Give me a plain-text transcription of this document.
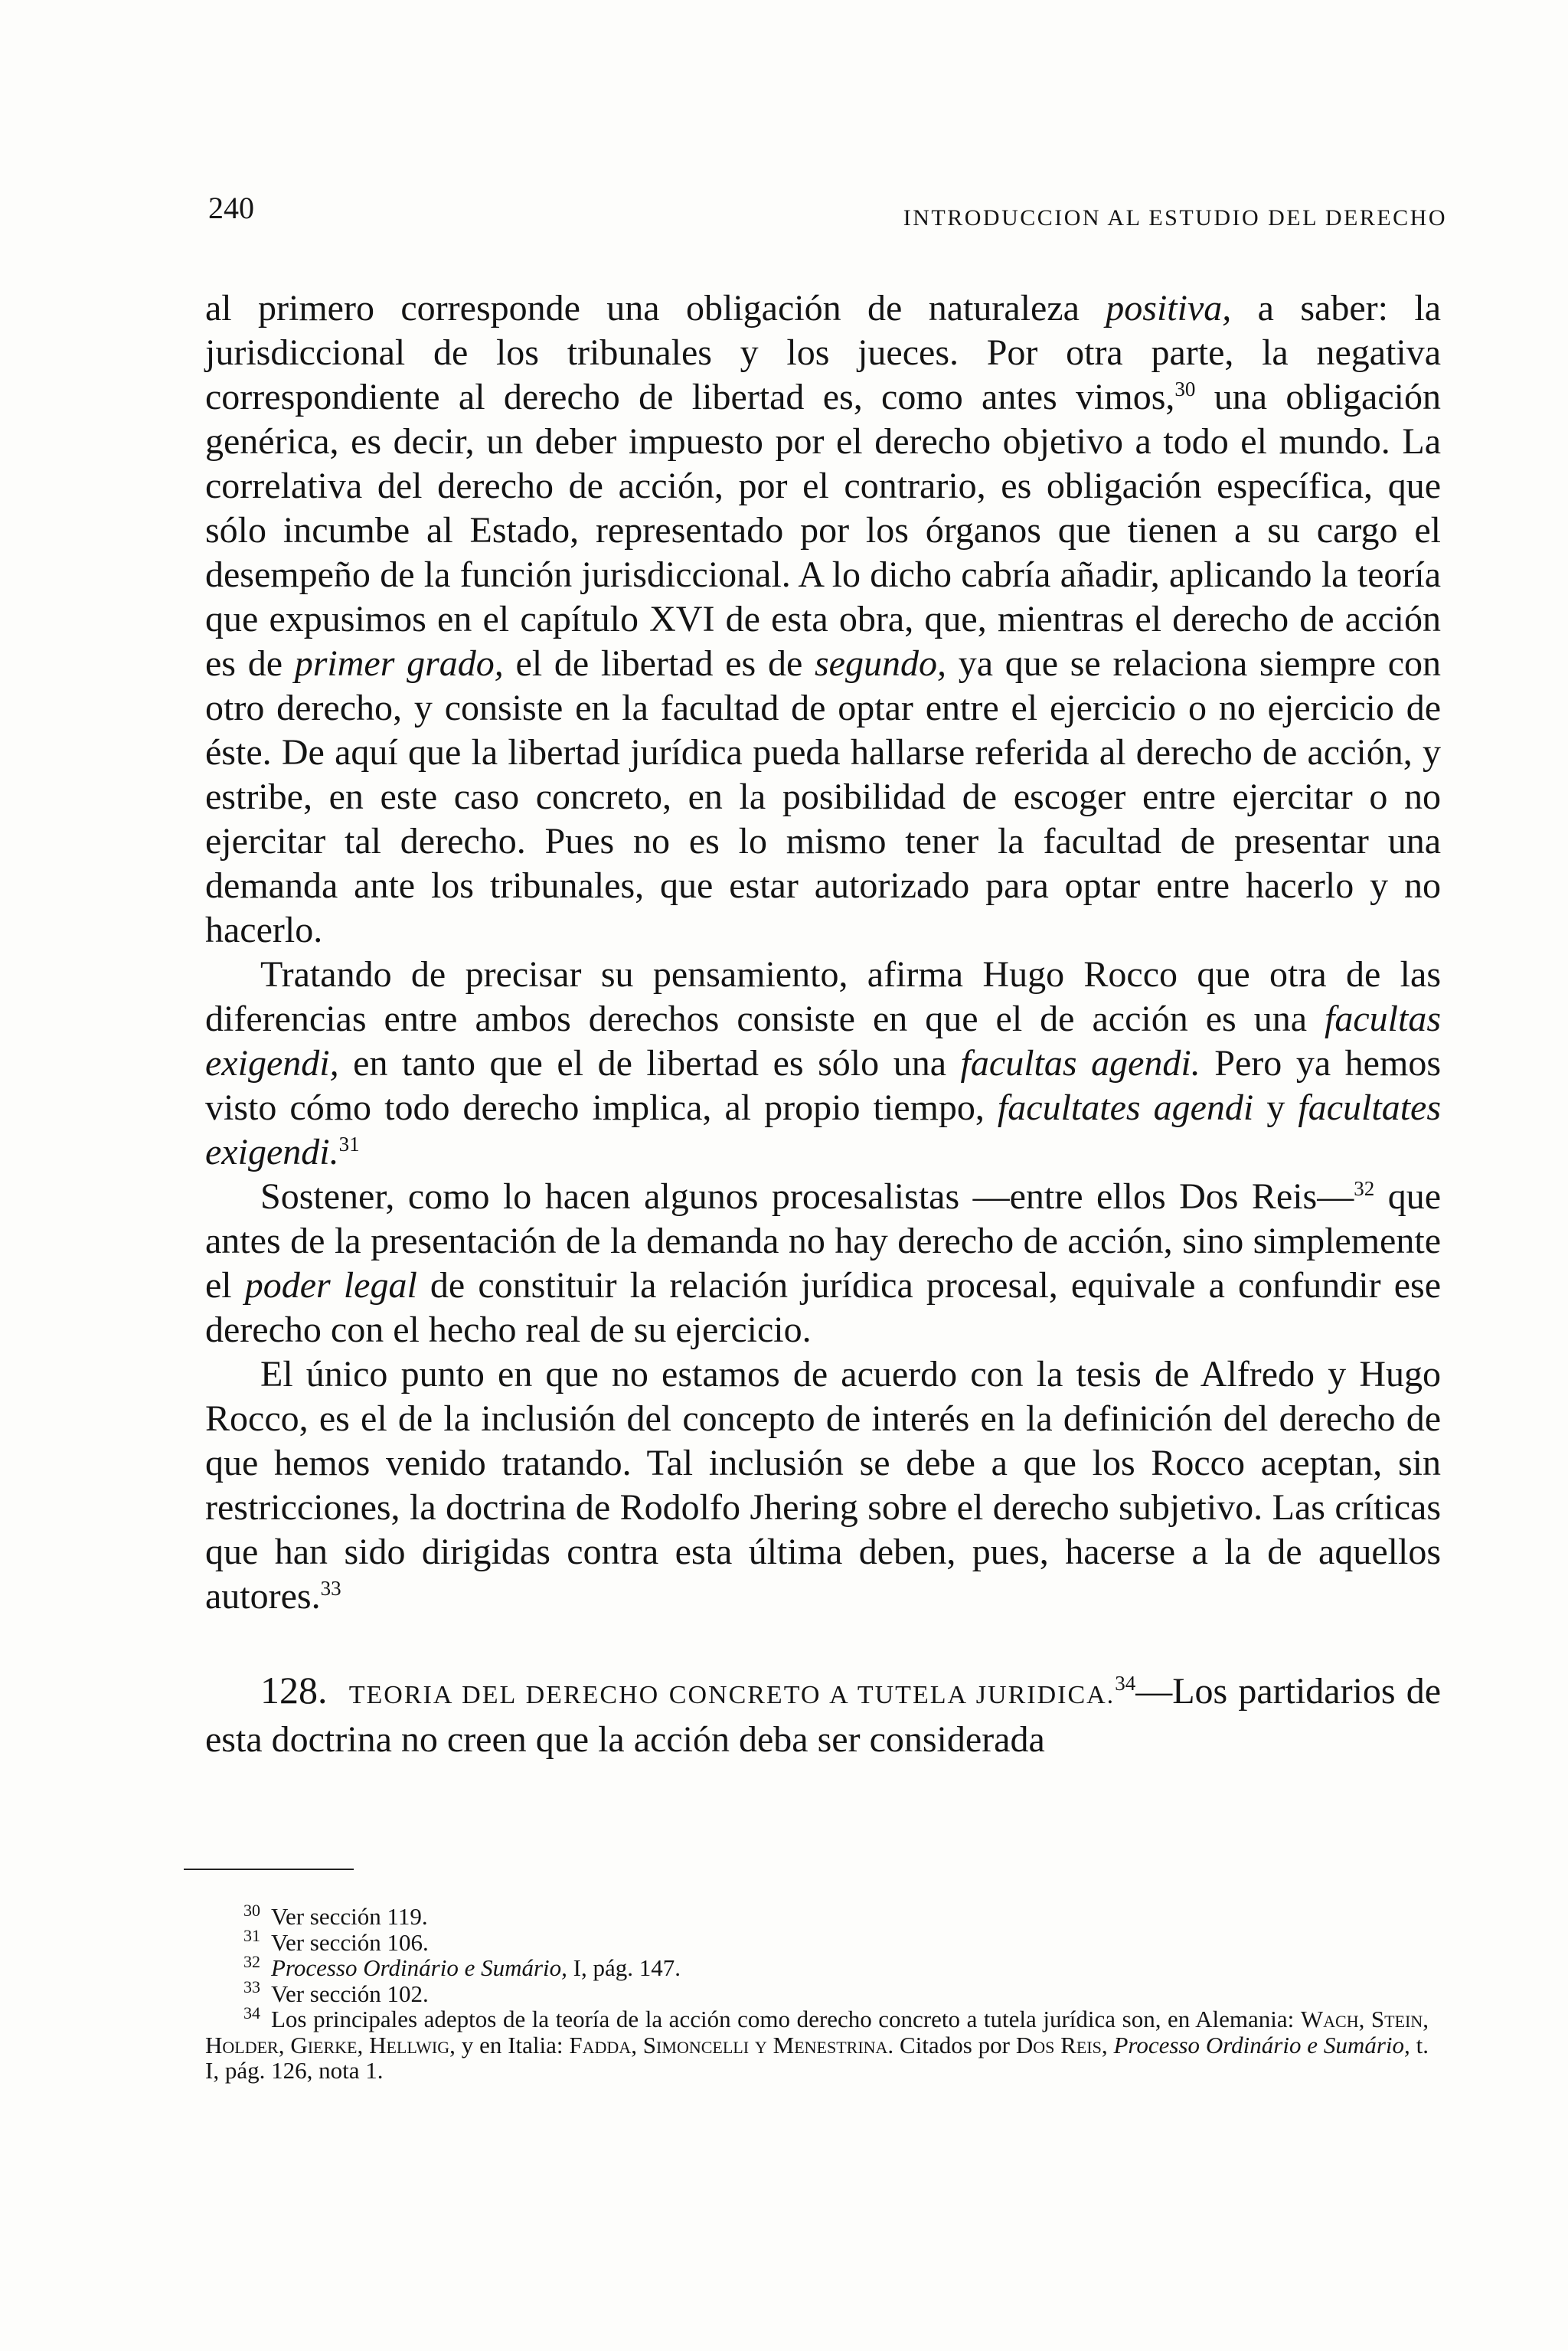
240	INTRODUCCION AL ESTUDIO DEL DERECHO

al primero corresponde una obligación de naturaleza positiva, a saber: la jurisdiccional de los tribunales y los jueces. Por otra parte, la negativa correspondiente al derecho de libertad es, como antes vimos,$^{30}$ una obligación genérica, es decir, un deber impuesto por el derecho objetivo a todo el mundo. La correlativa del derecho de acción, por el contrario, es obligación específica, que sólo incumbe al Estado, representado por los órganos que tienen a su cargo el desempeño de la función jurisdiccional. A lo dicho cabría añadir, aplicando la teoría que expusimos en el capítulo XVI de esta obra, que, mientras el derecho de acción es de primer grado, el de libertad es de segundo, ya que se relaciona siempre con otro derecho, y consiste en la facultad de optar entre el ejercicio o no ejercicio de éste. De aquí que la libertad jurídica pueda hallarse referida al derecho de acción, y estribe, en este caso concreto, en la posibilidad de escoger entre ejercitar o no ejercitar tal derecho. Pues no es lo mismo tener la facultad de presentar una demanda ante los tribunales, que estar autorizado para optar entre hacerlo y no hacerlo.

Tratando de precisar su pensamiento, afirma Hugo Rocco que otra de las diferencias entre ambos derechos consiste en que el de acción es una facultas exigendi, en tanto que el de libertad es sólo una facultas agendi. Pero ya hemos visto cómo todo derecho implica, al propio tiempo, facultates agendi y facultates exigendi.$^{31}$

Sostener, como lo hacen algunos procesalistas —entre ellos Dos Reis—$^{32}$ que antes de la presentación de la demanda no hay derecho de acción, sino simplemente el poder legal de constituir la relación jurídica procesal, equivale a confundir ese derecho con el hecho real de su ejercicio.

El único punto en que no estamos de acuerdo con la tesis de Alfredo y Hugo Rocco, es el de la inclusión del concepto de interés en la definición del derecho de que hemos venido tratando. Tal inclusión se debe a que los Rocco aceptan, sin restricciones, la doctrina de Rodolfo Jhering sobre el derecho subjetivo. Las críticas que han sido dirigidas contra esta última deben, pues, hacerse a la de aquellos autores.$^{33}$

128. TEORIA DEL DERECHO CONCRETO A TUTELA JURIDICA.$^{34}$—Los partidarios de esta doctrina no creen que la acción deba ser considerada

$^{30}$ Ver sección 119.

$^{31}$ Ver sección 106.

$^{32}$ Processo Ordinário e Sumário, I, pág. 147.

$^{33}$ Ver sección 102.

$^{34}$ Los principales adeptos de la teoría de la acción como derecho concreto a tutela jurídica son, en Alemania: Wach, Stein, Holder, Gierke, Hellwig, y en Italia: Fadda, Simoncelli y Menestrina. Citados por Dos Reis, Processo Ordinário e Sumário, t. I, pág. 126, nota 1.
